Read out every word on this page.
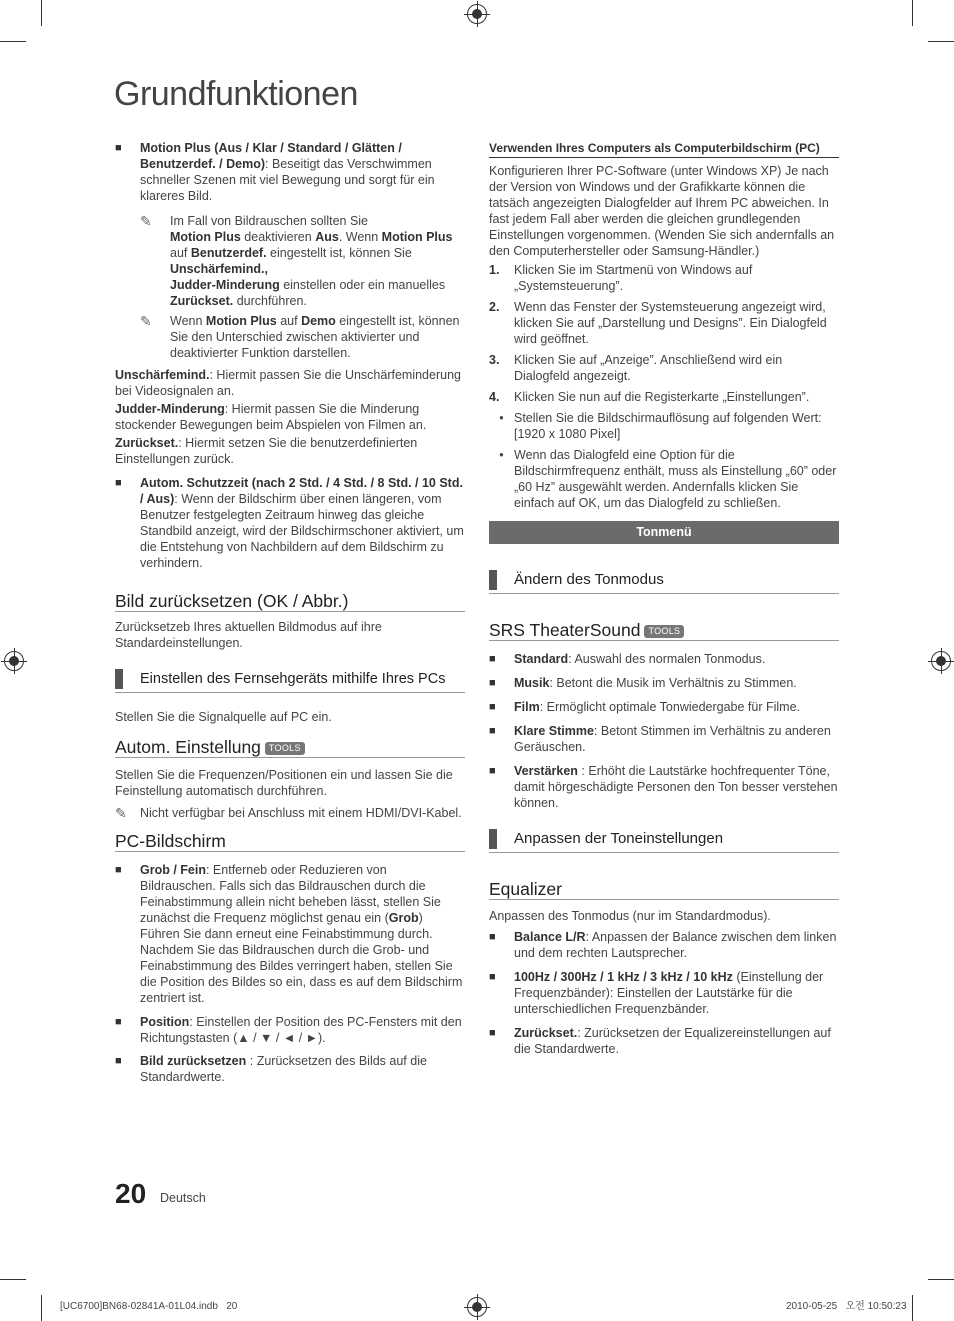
Grundfunktionen
■	Motion Plus (Aus / Klar / Standard / Glätten / Benutzerdef. / Demo): Beseitigt das Verschwimmen schneller Szenen mit viel Bewegung und sorgt für ein klareres Bild.
✎	Im Fall von Bildrauschen sollten Sie
Motion Plus deaktivieren Aus. Wenn Motion Plus auf Benutzerdef. eingestellt ist, können Sie Unschärfemind.,
Judder-Minderung einstellen oder ein manuelles Zurückset. durchführen.
✎	Wenn Motion Plus auf Demo eingestellt ist, können Sie den Unterschied zwischen aktivierter und deaktivierter Funktion darstellen.

Unschärfemind.: Hiermit passen Sie die Unschärfeminderung bei Videosignalen an.

Judder-Minderung: Hiermit passen Sie die Minderung stockender Bewegungen beim Abspielen von Filmen an.

Zurückset.: Hiermit setzen Sie die benutzerdefinierten Einstellungen zurück.

■	Autom. Schutzzeit (nach 2 Std. / 4 Std. / 8 Std. / 10 Std. / Aus): Wenn der Bildschirm über einen längeren, vom Benutzer festgelegten Zeitraum hinweg das gleiche Standbild anzeigt, wird der Bildschirmschoner aktiviert, um die Entstehung von Nachbildern auf dem Bildschirm zu verhindern.
Bild zurücksetzen (OK / Abbr.)

Zurücksetzeb Ihres aktuellen Bildmodus auf ihre Standardeinstellungen.

Einstellen des Fernsehgeräts mithilfe Ihres PCs

Stellen Sie die Signalquelle auf PC ein.

Autom. Einstellung TOOLS

Stellen Sie die Frequenzen/Positionen ein und lassen Sie die Feinstellung automatisch durchführen.

✎	Nicht verfügbar bei Anschluss mit einem HDMI/DVI-Kabel.
PC-Bildschirm
■	Grob / Fein: Entferneb oder Reduzieren von Bildrauschen. Falls sich das Bildrauschen durch die Feinabstimmung allein nicht beheben lässt, stellen Sie zunächst die Frequenz möglichst genau ein (Grob) Führen Sie dann erneut eine Feinabstimmung durch. Nachdem Sie das Bildrauschen durch die Grob- und Feinabstimmung des Bildes verringert haben, stellen Sie die Position des Bildes so ein, dass es auf dem Bildschirm zentriert ist.
■	Position: Einstellen der Position des PC-Fensters mit den Richtungstasten (▲ / ▼ / ◄ / ►).
■	Bild zurücksetzen : Zurücksetzen des Bilds auf die Standardwerte.

Verwenden Ihres Computers als Computerbildschirm (PC)

Konfigurieren Ihrer PC-Software (unter Windows XP) Je nach der Version von Windows und der Grafikkarte können die tatsäch angezeigten Dialogfelder auf Ihrem PC abweichen. In fast jedem Fall aber werden die gleichen grundlegenden Einstellungen vorgenommen. (Wenden Sie sich andernfalls an den Computerhersteller oder Samsung-Händler.)

1.	Klicken Sie im Startmenü von Windows auf „Systemsteuerung”.
2.	Wenn das Fenster der Systemsteuerung angezeigt wird, klicken Sie auf „Darstellung und Designs”. Ein Dialogfeld wird geöffnet.
3.	Klicken Sie auf „Anzeige”. Anschließend wird ein Dialogfeld angezeigt.
4.	Klicken Sie nun auf die Registerkarte „Einstellungen”.
• Stellen Sie die Bildschirmauflösung auf folgenden Wert: [1920 x 1080 Pixel]
• Wenn das Dialogfeld eine Option für die Bildschirmfrequenz enthält, muss als Einstellung „60” oder „60 Hz” ausgewählt werden. Andernfalls klicken Sie einfach auf OK, um das Dialogfeld zu schließen.
Tonmenü
Ändern des Tonmodus
SRS TheaterSound TOOLS
■	Standard: Auswahl des normalen Tonmodus.
■	Musik: Betont die Musik im Verhältnis zu Stimmen.
■	Film: Ermöglicht optimale Tonwiedergabe für Filme.
■	Klare Stimme: Betont Stimmen im Verhältnis zu anderen Geräuschen.
■	Verstärken : Erhöht die Lautstärke hochfrequenter Töne, damit hörgeschädigte Personen den Ton besser verstehen können.
Anpassen der Toneinstellungen
Equalizer

Anpassen des Tonmodus (nur im Standardmodus).

■	Balance L/R: Anpassen der Balance zwischen dem linken und dem rechten Lautsprecher.
■	100Hz / 300Hz / 1 kHz / 3 kHz / 10 kHz (Einstellung der Frequenzbänder): Einstellen der Lautstärke für die unterschiedlichen Frequenzbänder.
■	Zurückset.: Zurücksetzen der Equalizereinstellungen auf die Standardwerte.
20 Deutsch
[UC6700]BN68-02841A-01L04.indb   20	2010-05-25   오전 10:50:23
